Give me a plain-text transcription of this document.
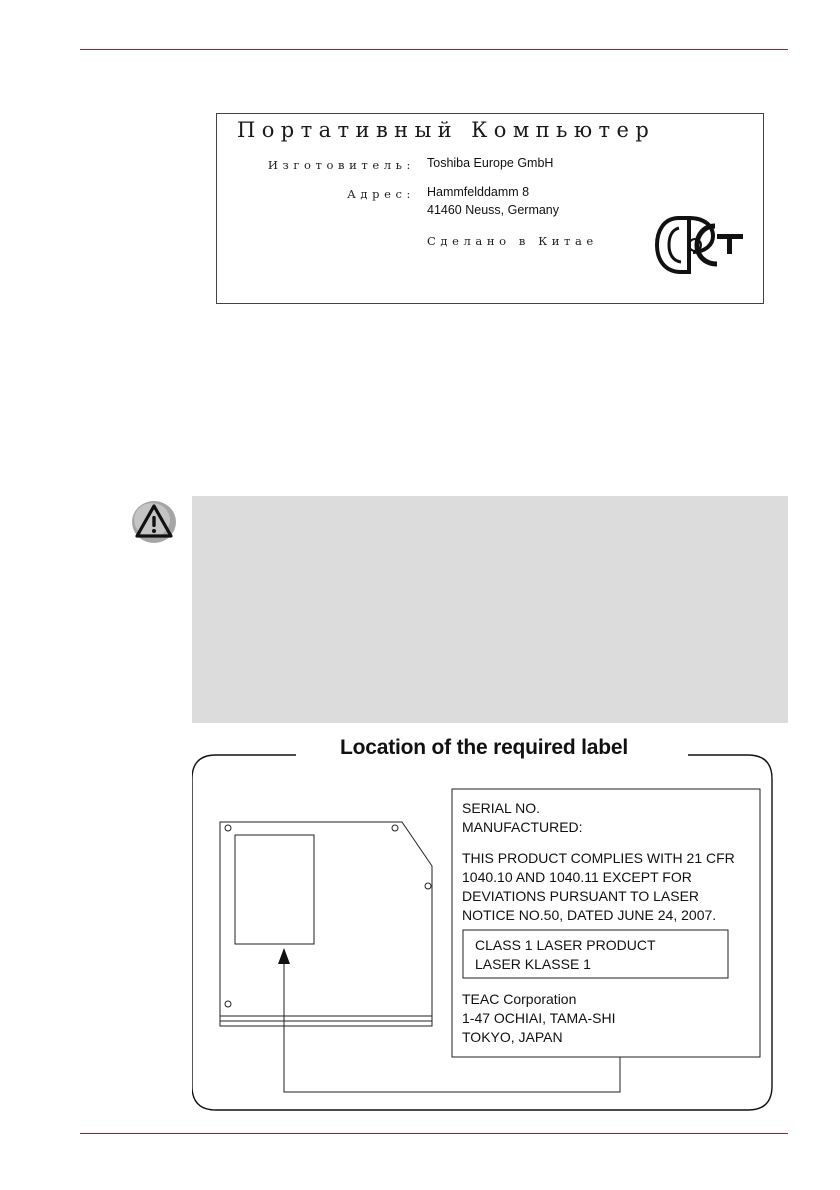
Портативный Компьютер
Изготовитель: Toshiba Europe GmbH
Адрес: Hammfelddamm 8
41460 Neuss, Germany
Сделано в Китае
Location of the required label
SERIAL NO.
MANUFACTURED:
THIS PRODUCT COMPLIES WITH 21 CFR
1040.10 AND 1040.11 EXCEPT FOR
DEVIATIONS PURSUANT TO LASER
NOTICE NO.50, DATED JUNE 24, 2007.
CLASS 1 LASER PRODUCT
LASER KLASSE 1
TEAC Corporation
1-47 OCHIAI, TAMA-SHI
TOKYO, JAPAN
